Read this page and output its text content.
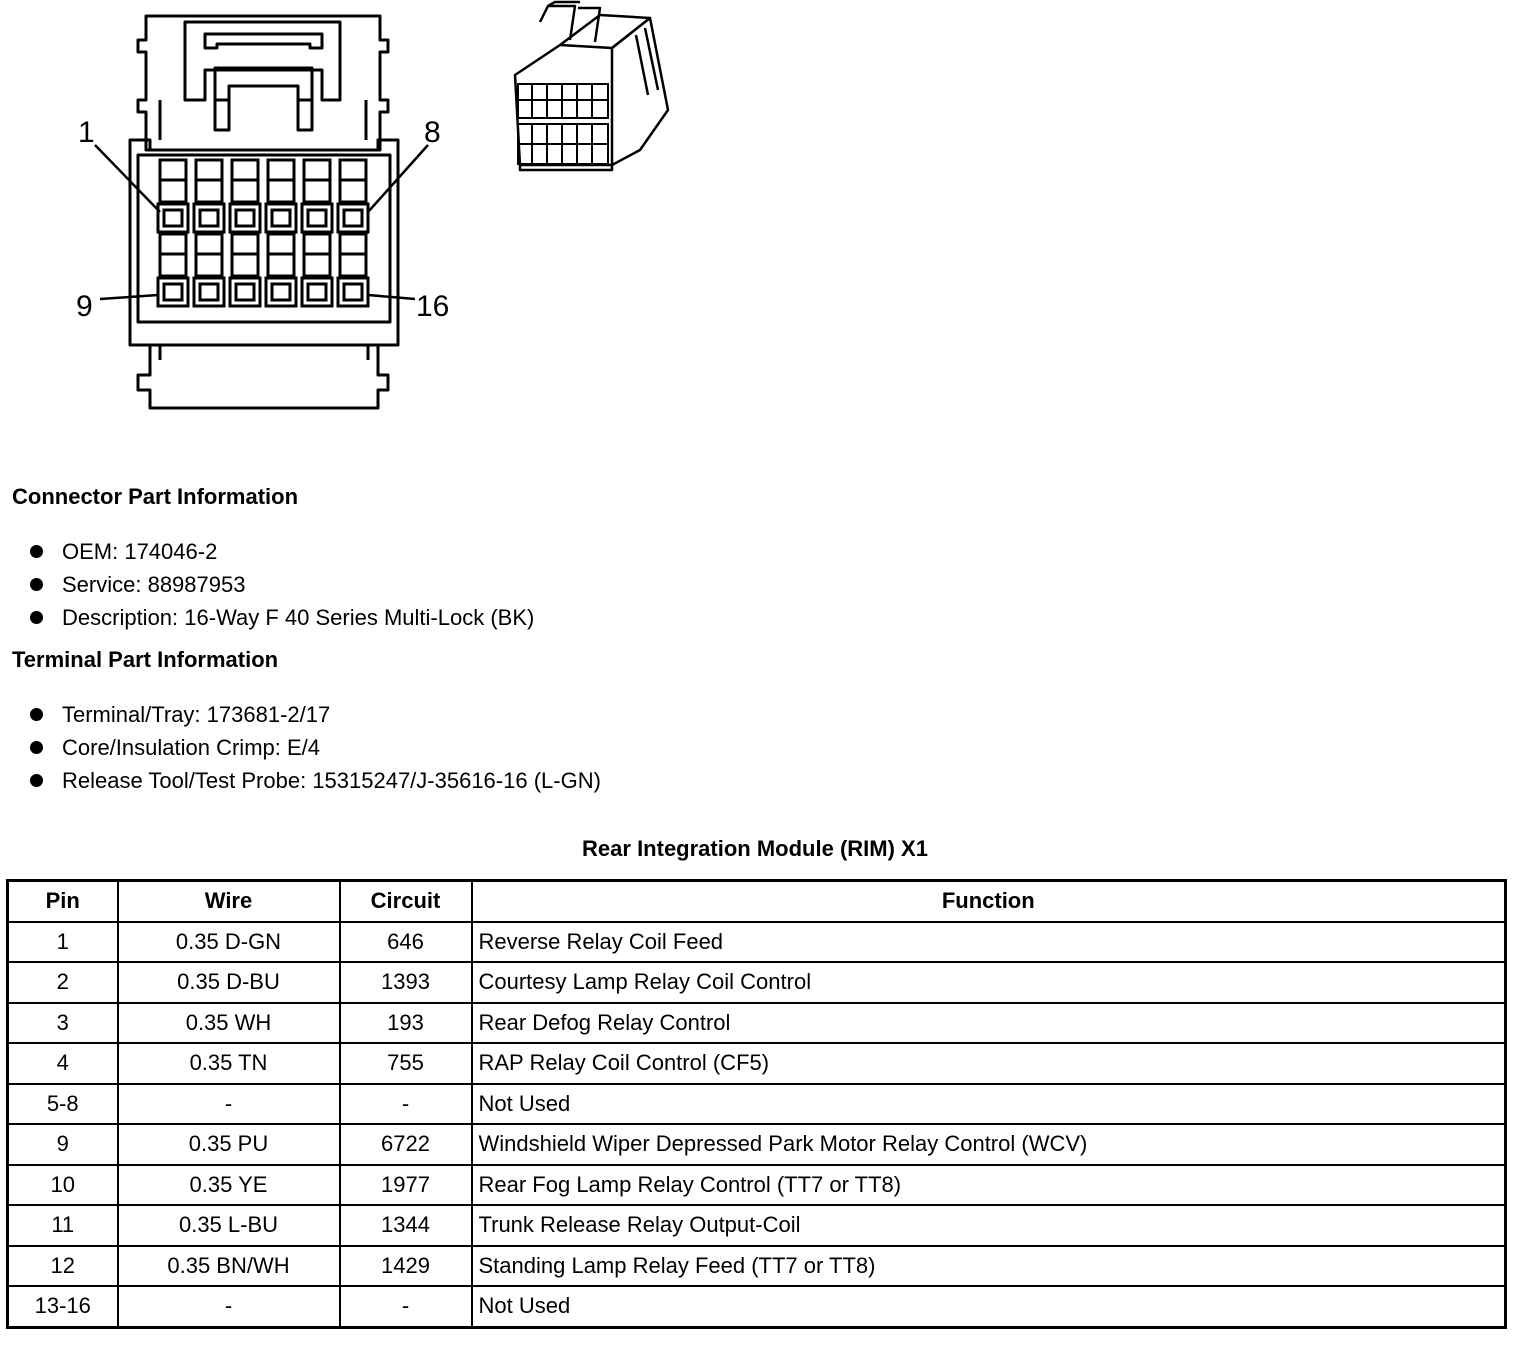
1	8
9	16
Connector Part Information
OEM: 174046-2
Service: 88987953
Description: 16-Way F 40 Series Multi-Lock (BK)
Terminal Part Information
Terminal/Tray: 173681-2/17
Core/Insulation Crimp: E/4
Release Tool/Test Probe: 15315247/J-35616-16 (L-GN)
Rear Integration Module (RIM) X1
Pin	Wire	Circuit	Function
1	0.35 D-GN	646	Reverse Relay Coil Feed
2	0.35 D-BU	1393	Courtesy Lamp Relay Coil Control
3	0.35 WH	193	Rear Defog Relay Control
4	0.35 TN	755	RAP Relay Coil Control (CF5)
5-8	-	-	Not Used
9	0.35 PU	6722	Windshield Wiper Depressed Park Motor Relay Control (WCV)
10	0.35 YE	1977	Rear Fog Lamp Relay Control (TT7 or TT8)
11	0.35 L-BU	1344	Trunk Release Relay Output-Coil
12	0.35 BN/WH	1429	Standing Lamp Relay Feed (TT7 or TT8)
13-16	-	-	Not Used
